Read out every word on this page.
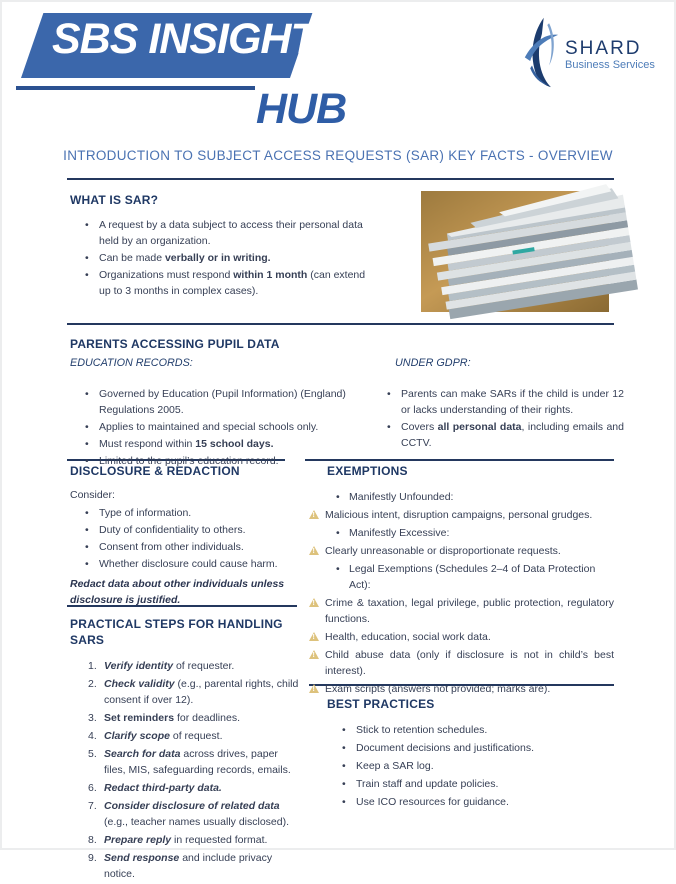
SBS INSIGHT
HUB
SHARD
Business Services
INTRODUCTION TO SUBJECT ACCESS REQUESTS (SAR) KEY FACTS - OVERVIEW
WHAT IS SAR?
• A request by a data subject to access their personal data held by an organization.
• Can be made verbally or in writing.
• Organizations must respond within 1 month (can extend up to 3 months in complex cases).
PARENTS ACCESSING PUPIL DATA
EDUCATION RECORDS:
• Governed by Education (Pupil Information) (England) Regulations 2005.
• Applies to maintained and special schools only.
• Must respond within 15 school days.
• Limited to the pupil’s education record.
UNDER GDPR:
• Parents can make SARs if the child is under 12 or lacks understanding of their rights.
• Covers all personal data, including emails and CCTV.
DISCLOSURE & REDACTION
Consider:
• Type of information.
• Duty of confidentiality to others.
• Consent from other individuals.
• Whether disclosure could cause harm.
Redact data about other individuals unless disclosure is justified.
EXEMPTIONS
• Manifestly Unfounded:
!
Malicious intent, disruption campaigns, personal grudges.
• Manifestly Excessive:
!
Clearly unreasonable or disproportionate requests.
• Legal Exemptions (Schedules 2–4 of Data Protection Act):
!
Crime & taxation, legal privilege, public protection, regulatory functions.
!
Health, education, social work data.
!
Child abuse data (only if disclosure is not in child’s best interest).
!
Exam scripts (answers not provided; marks are).
PRACTICAL STEPS FOR HANDLING SARS
Verify identity of requester.
Check validity (e.g., parental rights, child consent if over 12).
Set reminders for deadlines.
Clarify scope of request.
Search for data across drives, paper files, MIS, safeguarding records, emails.
Redact third-party data.
Consider disclosure of related data (e.g., teacher names usually disclosed).
Prepare reply in requested format.
Send response and include privacy notice.
BEST PRACTICES
• Stick to retention schedules.
• Document decisions and justifications.
• Keep a SAR log.
• Train staff and update policies.
• Use ICO resources for guidance.
